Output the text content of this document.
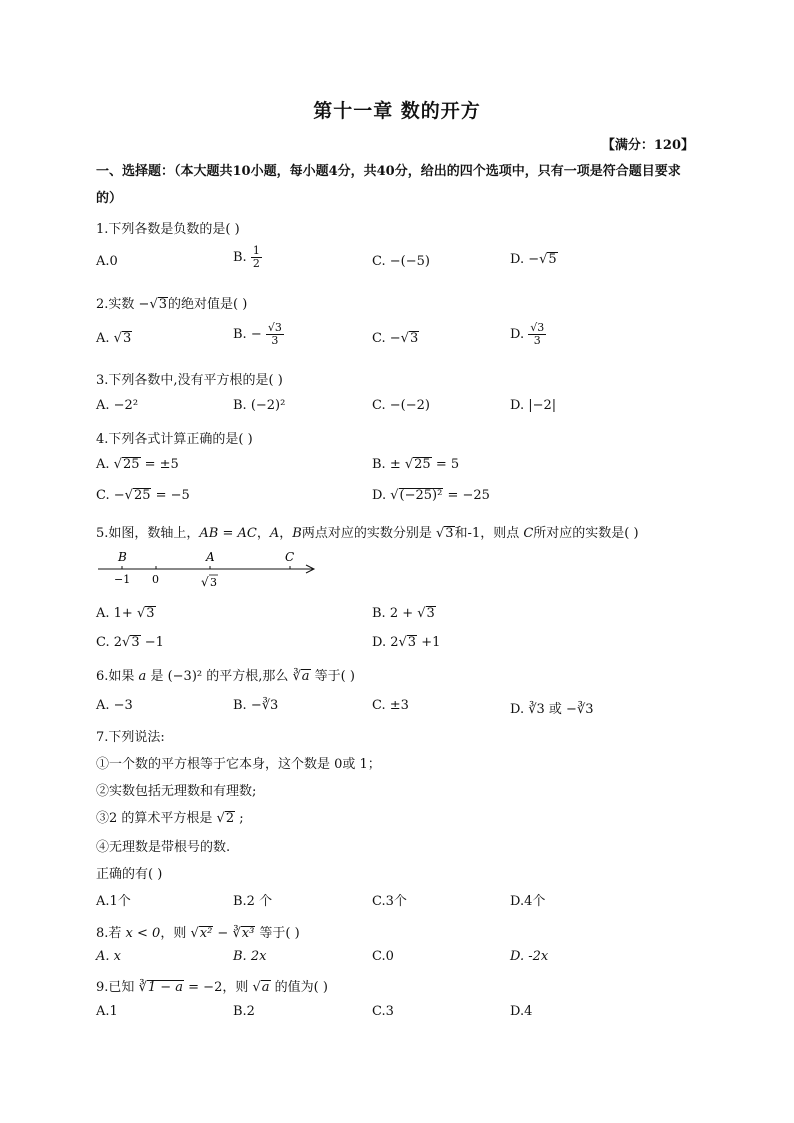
第十一章 数的开方
【满分：120】
一、选择题：（本大题共10小题，每小题4分，共40分，给出的四个选项中，只有一项是符合题目要求的）
1.下列各数是负数的是( )
A.0	B. $\frac{1}{2}$	C. −(−5)	D. −√5
2.实数 −√3的绝对值是( )
A. √3	B. − $\frac{√3}{3}$	C. −√3	D. $\frac{√3}{3}$
3.下列各数中,没有平方根的是( )
A. −2²	B. (−2)²	C. −(−2)	D. |−2|
4.下列各式计算正确的是( )
A. √25 = ±5	B. ± √25 = 5
C. −√25 = −5	D. √(−25)² = −25
5.如图，数轴上，AB = AC，A，B两点对应的实数分别是 √3和-1，则点 C所对应的实数是( )
B	A	C
−1 0	√ 3
A. 1+ √3	B. 2 + √3
C. 2√3 −1	D. 2√3 +1
6.如果 a 是 (−3)² 的平方根,那么 ∛a 等于( )
A. −3	B. −∛3	C. ±3	D. ∛3 或 −∛3
7.下列说法:
①一个数的平方根等于它本身，这个数是 0或 1；
②实数包括无理数和有理数;
③2 的算术平方根是 √2 ;
④无理数是带根号的数.
正确的有( )
A.1个	B.2 个	C.3个	D.4个
8.若 x < 0，则 √x² − ∛x³ 等于( )
A. x	B. 2x	C.0	D. -2x
9.已知 ∛1 − a = −2，则 √a 的值为( )
A.1	B.2	C.3	D.4
